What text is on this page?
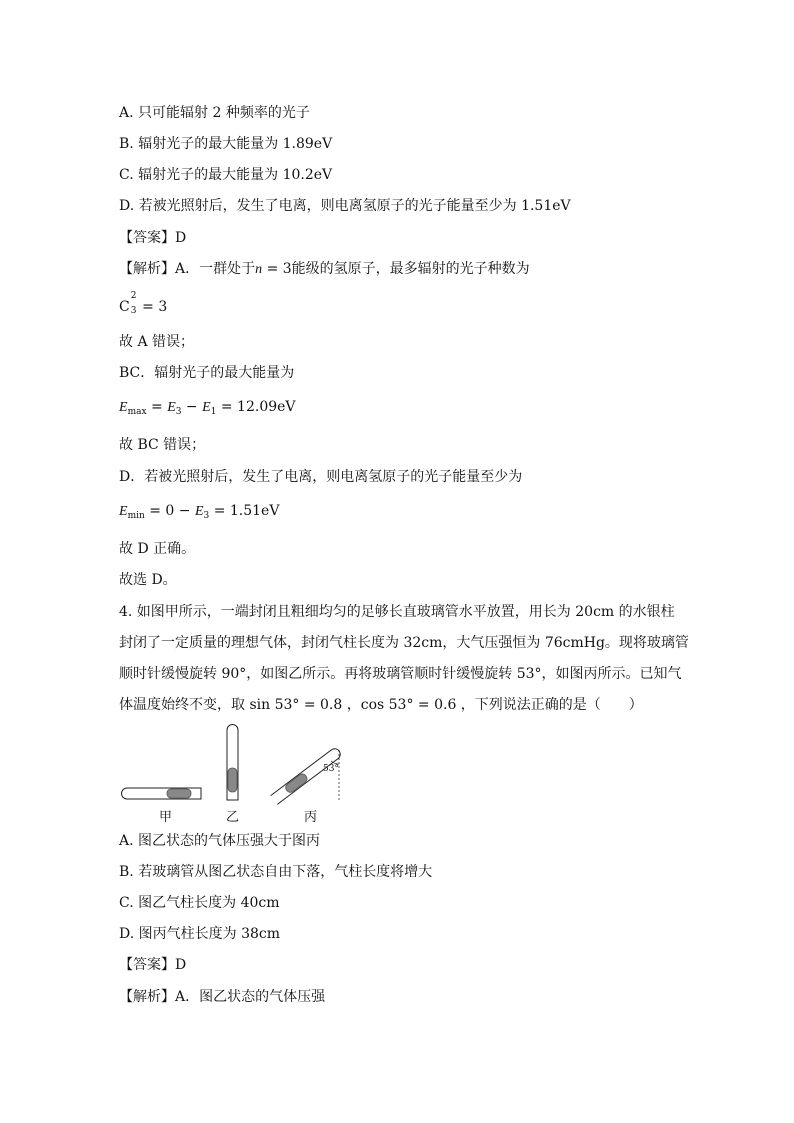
A. 只可能辐射 2 种频率的光子
B. 辐射光子的最大能量为 1.89eV
C. 辐射光子的最大能量为 10.2eV
D. 若被光照射后，发生了电离，则电离氢原子的光子能量至少为 1.51eV
【答案】D
【解析】A．一群处于n = 3能级的氢原子，最多辐射的光子种数为
C
2
3 = 3
故 A 错误；
BC．辐射光子的最大能量为
$E_{max} = E_3 - E_1 = 12.09eV$
故 BC 错误；
D．若被光照射后，发生了电离，则电离氢原子的光子能量至少为
$E_{min} = 0 - E_3 = 1.51eV$
故 D 正确。
故选 D。
4. 如图甲所示，一端封闭且粗细均匀的足够长直玻璃管水平放置，用长为 20cm 的水银柱
封闭了一定质量的理想气体，封闭气柱长度为 32cm，大气压强恒为 76cmHg。现将玻璃管
顺时针缓慢旋转 90°，如图乙所示。再将玻璃管顺时针缓慢旋转 53°，如图丙所示。已知气
体温度始终不变，取 sin 53° = 0.8 ，cos 53° = 0.6 ，下列说法正确的是（　　）
53°
甲	乙	丙
A. 图乙状态的气体压强大于图丙
B. 若玻璃管从图乙状态自由下落，气柱长度将增大
C. 图乙气柱长度为 40cm
D. 图丙气柱长度为 38cm
【答案】D
【解析】A．图乙状态的气体压强
